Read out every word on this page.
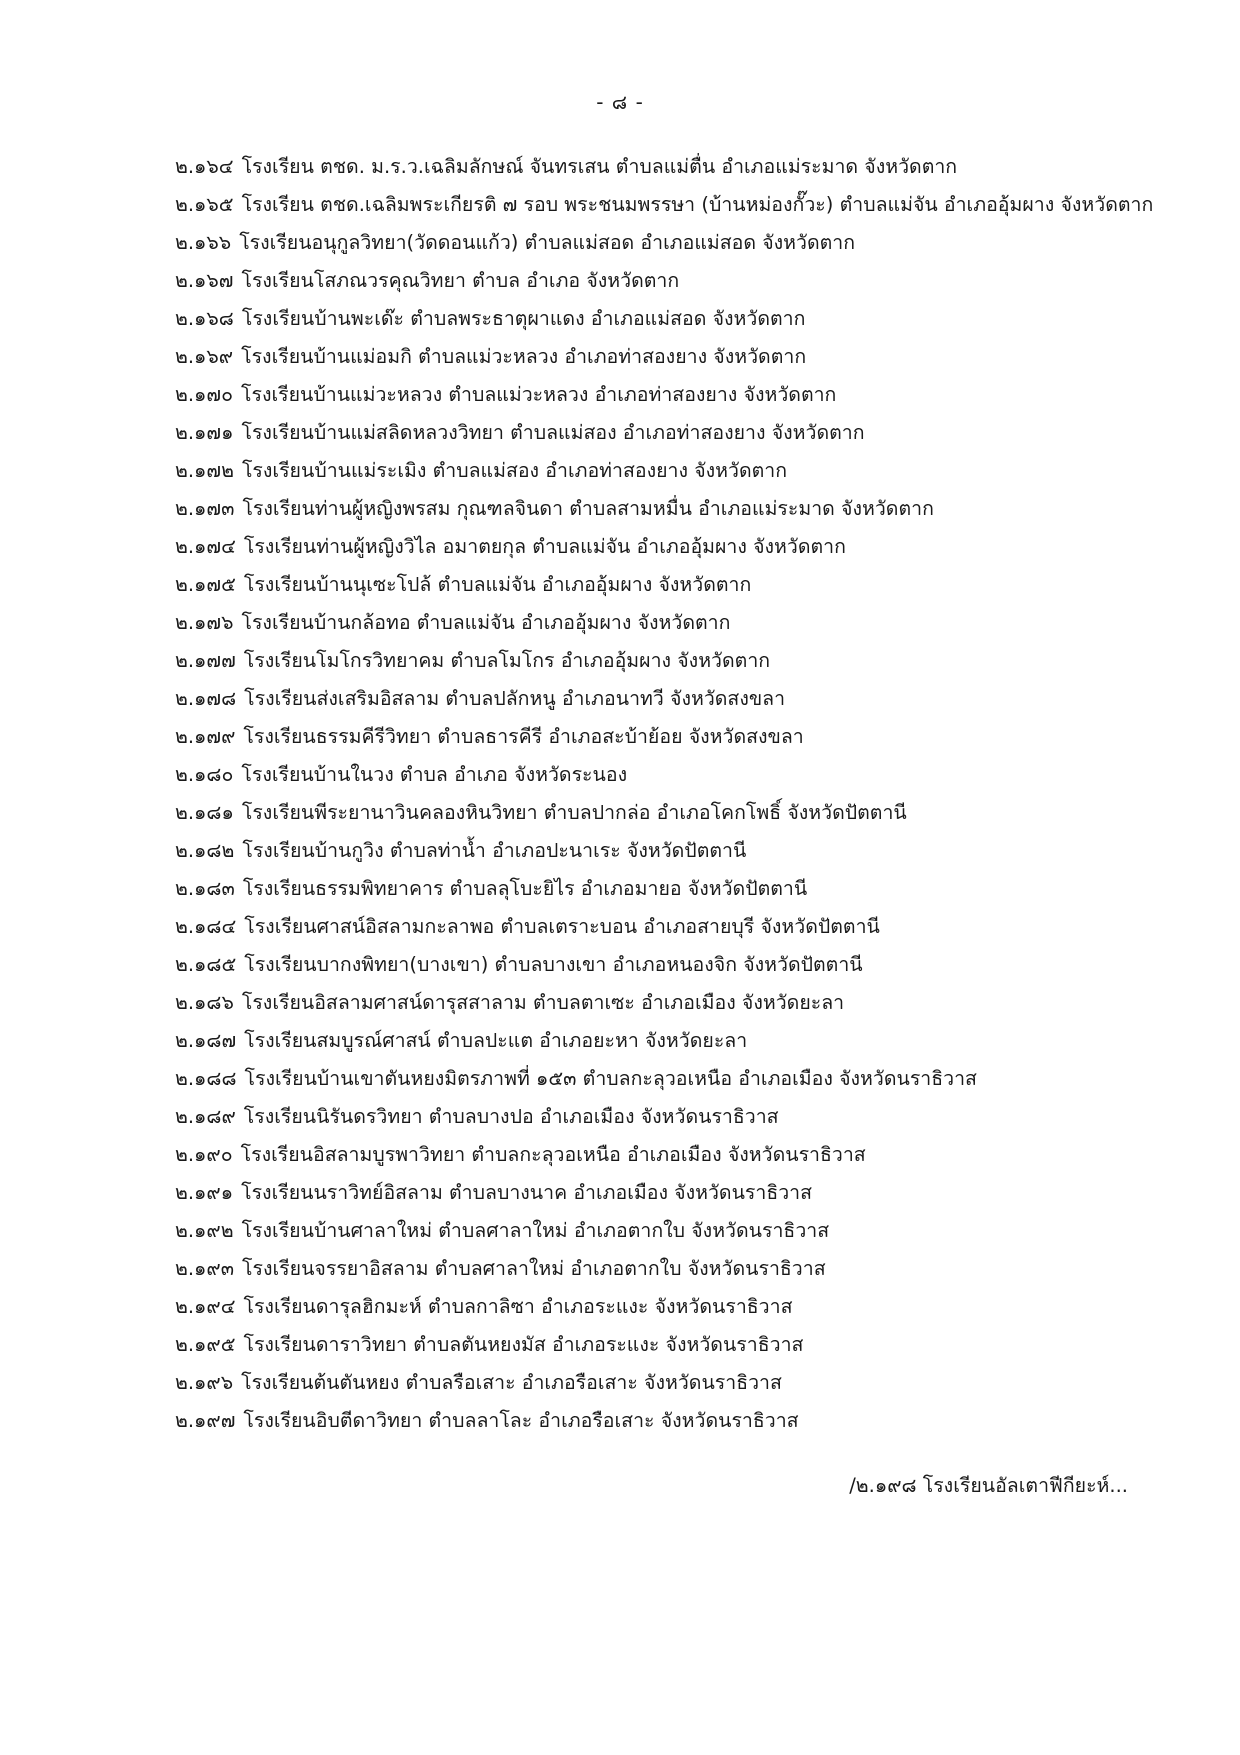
- ๘ -
๒.๑๖๔ โรงเรียน ตชด. ม.ร.ว.เฉลิมลักษณ์ จันทรเสน ตำบลแม่ตื่น อำเภอแม่ระมาด จังหวัดตาก
๒.๑๖๕ โรงเรียน ตชด.เฉลิมพระเกียรติ ๗ รอบ พระชนมพรรษา (บ้านหม่องกั๊วะ) ตำบลแม่จัน อำเภออุ้มผาง จังหวัดตาก
๒.๑๖๖ โรงเรียนอนุกูลวิทยา(วัดดอนแก้ว) ตำบลแม่สอด อำเภอแม่สอด จังหวัดตาก
๒.๑๖๗ โรงเรียนโสภณวรคุณวิทยา ตำบล อำเภอ จังหวัดตาก
๒.๑๖๘ โรงเรียนบ้านพะเด๊ะ ตำบลพระธาตุผาแดง อำเภอแม่สอด จังหวัดตาก
๒.๑๖๙ โรงเรียนบ้านแม่อมกิ ตำบลแม่วะหลวง อำเภอท่าสองยาง จังหวัดตาก
๒.๑๗๐ โรงเรียนบ้านแม่วะหลวง ตำบลแม่วะหลวง อำเภอท่าสองยาง จังหวัดตาก
๒.๑๗๑ โรงเรียนบ้านแม่สลิดหลวงวิทยา ตำบลแม่สอง อำเภอท่าสองยาง จังหวัดตาก
๒.๑๗๒ โรงเรียนบ้านแม่ระเมิง ตำบลแม่สอง อำเภอท่าสองยาง จังหวัดตาก
๒.๑๗๓ โรงเรียนท่านผู้หญิงพรสม กุณฑลจินดา ตำบลสามหมื่น อำเภอแม่ระมาด จังหวัดตาก
๒.๑๗๔ โรงเรียนท่านผู้หญิงวิไล อมาตยกุล ตำบลแม่จัน อำเภออุ้มผาง จังหวัดตาก
๒.๑๗๕ โรงเรียนบ้านนุเซะโปล้ ตำบลแม่จัน อำเภออุ้มผาง จังหวัดตาก
๒.๑๗๖ โรงเรียนบ้านกล้อทอ ตำบลแม่จัน อำเภออุ้มผาง จังหวัดตาก
๒.๑๗๗ โรงเรียนโมโกรวิทยาคม ตำบลโมโกร อำเภออุ้มผาง จังหวัดตาก
๒.๑๗๘ โรงเรียนส่งเสริมอิสลาม ตำบลปลักหนู อำเภอนาทวี จังหวัดสงขลา
๒.๑๗๙ โรงเรียนธรรมคีรีวิทยา ตำบลธารคีรี อำเภอสะบ้าย้อย จังหวัดสงขลา
๒.๑๘๐ โรงเรียนบ้านในวง ตำบล อำเภอ จังหวัดระนอง
๒.๑๘๑ โรงเรียนพีระยานาวินคลองหินวิทยา ตำบลปากล่อ อำเภอโคกโพธิ์ จังหวัดปัตตานี
๒.๑๘๒ โรงเรียนบ้านกูวิง ตำบลท่าน้ำ อำเภอปะนาเระ จังหวัดปัตตานี
๒.๑๘๓ โรงเรียนธรรมพิทยาคาร ตำบลลุโบะยิไร อำเภอมายอ จังหวัดปัตตานี
๒.๑๘๔ โรงเรียนศาสน์อิสลามกะลาพอ ตำบลเตราะบอน อำเภอสายบุรี จังหวัดปัตตานี
๒.๑๘๕ โรงเรียนบากงพิทยา(บางเขา) ตำบลบางเขา อำเภอหนองจิก จังหวัดปัตตานี
๒.๑๘๖ โรงเรียนอิสลามศาสน์ดารุสสาลาม ตำบลตาเซะ อำเภอเมือง จังหวัดยะลา
๒.๑๘๗ โรงเรียนสมบูรณ์ศาสน์ ตำบลปะแต อำเภอยะหา จังหวัดยะลา
๒.๑๘๘ โรงเรียนบ้านเขาตันหยงมิตรภาพที่ ๑๕๓ ตำบลกะลุวอเหนือ อำเภอเมือง จังหวัดนราธิวาส
๒.๑๘๙ โรงเรียนนิรันดรวิทยา ตำบลบางปอ อำเภอเมือง จังหวัดนราธิวาส
๒.๑๙๐ โรงเรียนอิสลามบูรพาวิทยา ตำบลกะลุวอเหนือ อำเภอเมือง จังหวัดนราธิวาส
๒.๑๙๑ โรงเรียนนราวิทย์อิสลาม ตำบลบางนาค อำเภอเมือง จังหวัดนราธิวาส
๒.๑๙๒ โรงเรียนบ้านศาลาใหม่ ตำบลศาลาใหม่ อำเภอตากใบ จังหวัดนราธิวาส
๒.๑๙๓ โรงเรียนจรรยาอิสลาม ตำบลศาลาใหม่ อำเภอตากใบ จังหวัดนราธิวาส
๒.๑๙๔ โรงเรียนดารุลฮิกมะห์ ตำบลกาลิซา อำเภอระแงะ จังหวัดนราธิวาส
๒.๑๙๕ โรงเรียนดาราวิทยา ตำบลตันหยงมัส อำเภอระแงะ จังหวัดนราธิวาส
๒.๑๙๖ โรงเรียนต้นตันหยง ตำบลรือเสาะ อำเภอรือเสาะ จังหวัดนราธิวาส
๒.๑๙๗ โรงเรียนอิบตีดาวิทยา ตำบลลาโละ อำเภอรือเสาะ จังหวัดนราธิวาส
/๒.๑๙๘ โรงเรียนอัลเตาฟีกียะห์...
